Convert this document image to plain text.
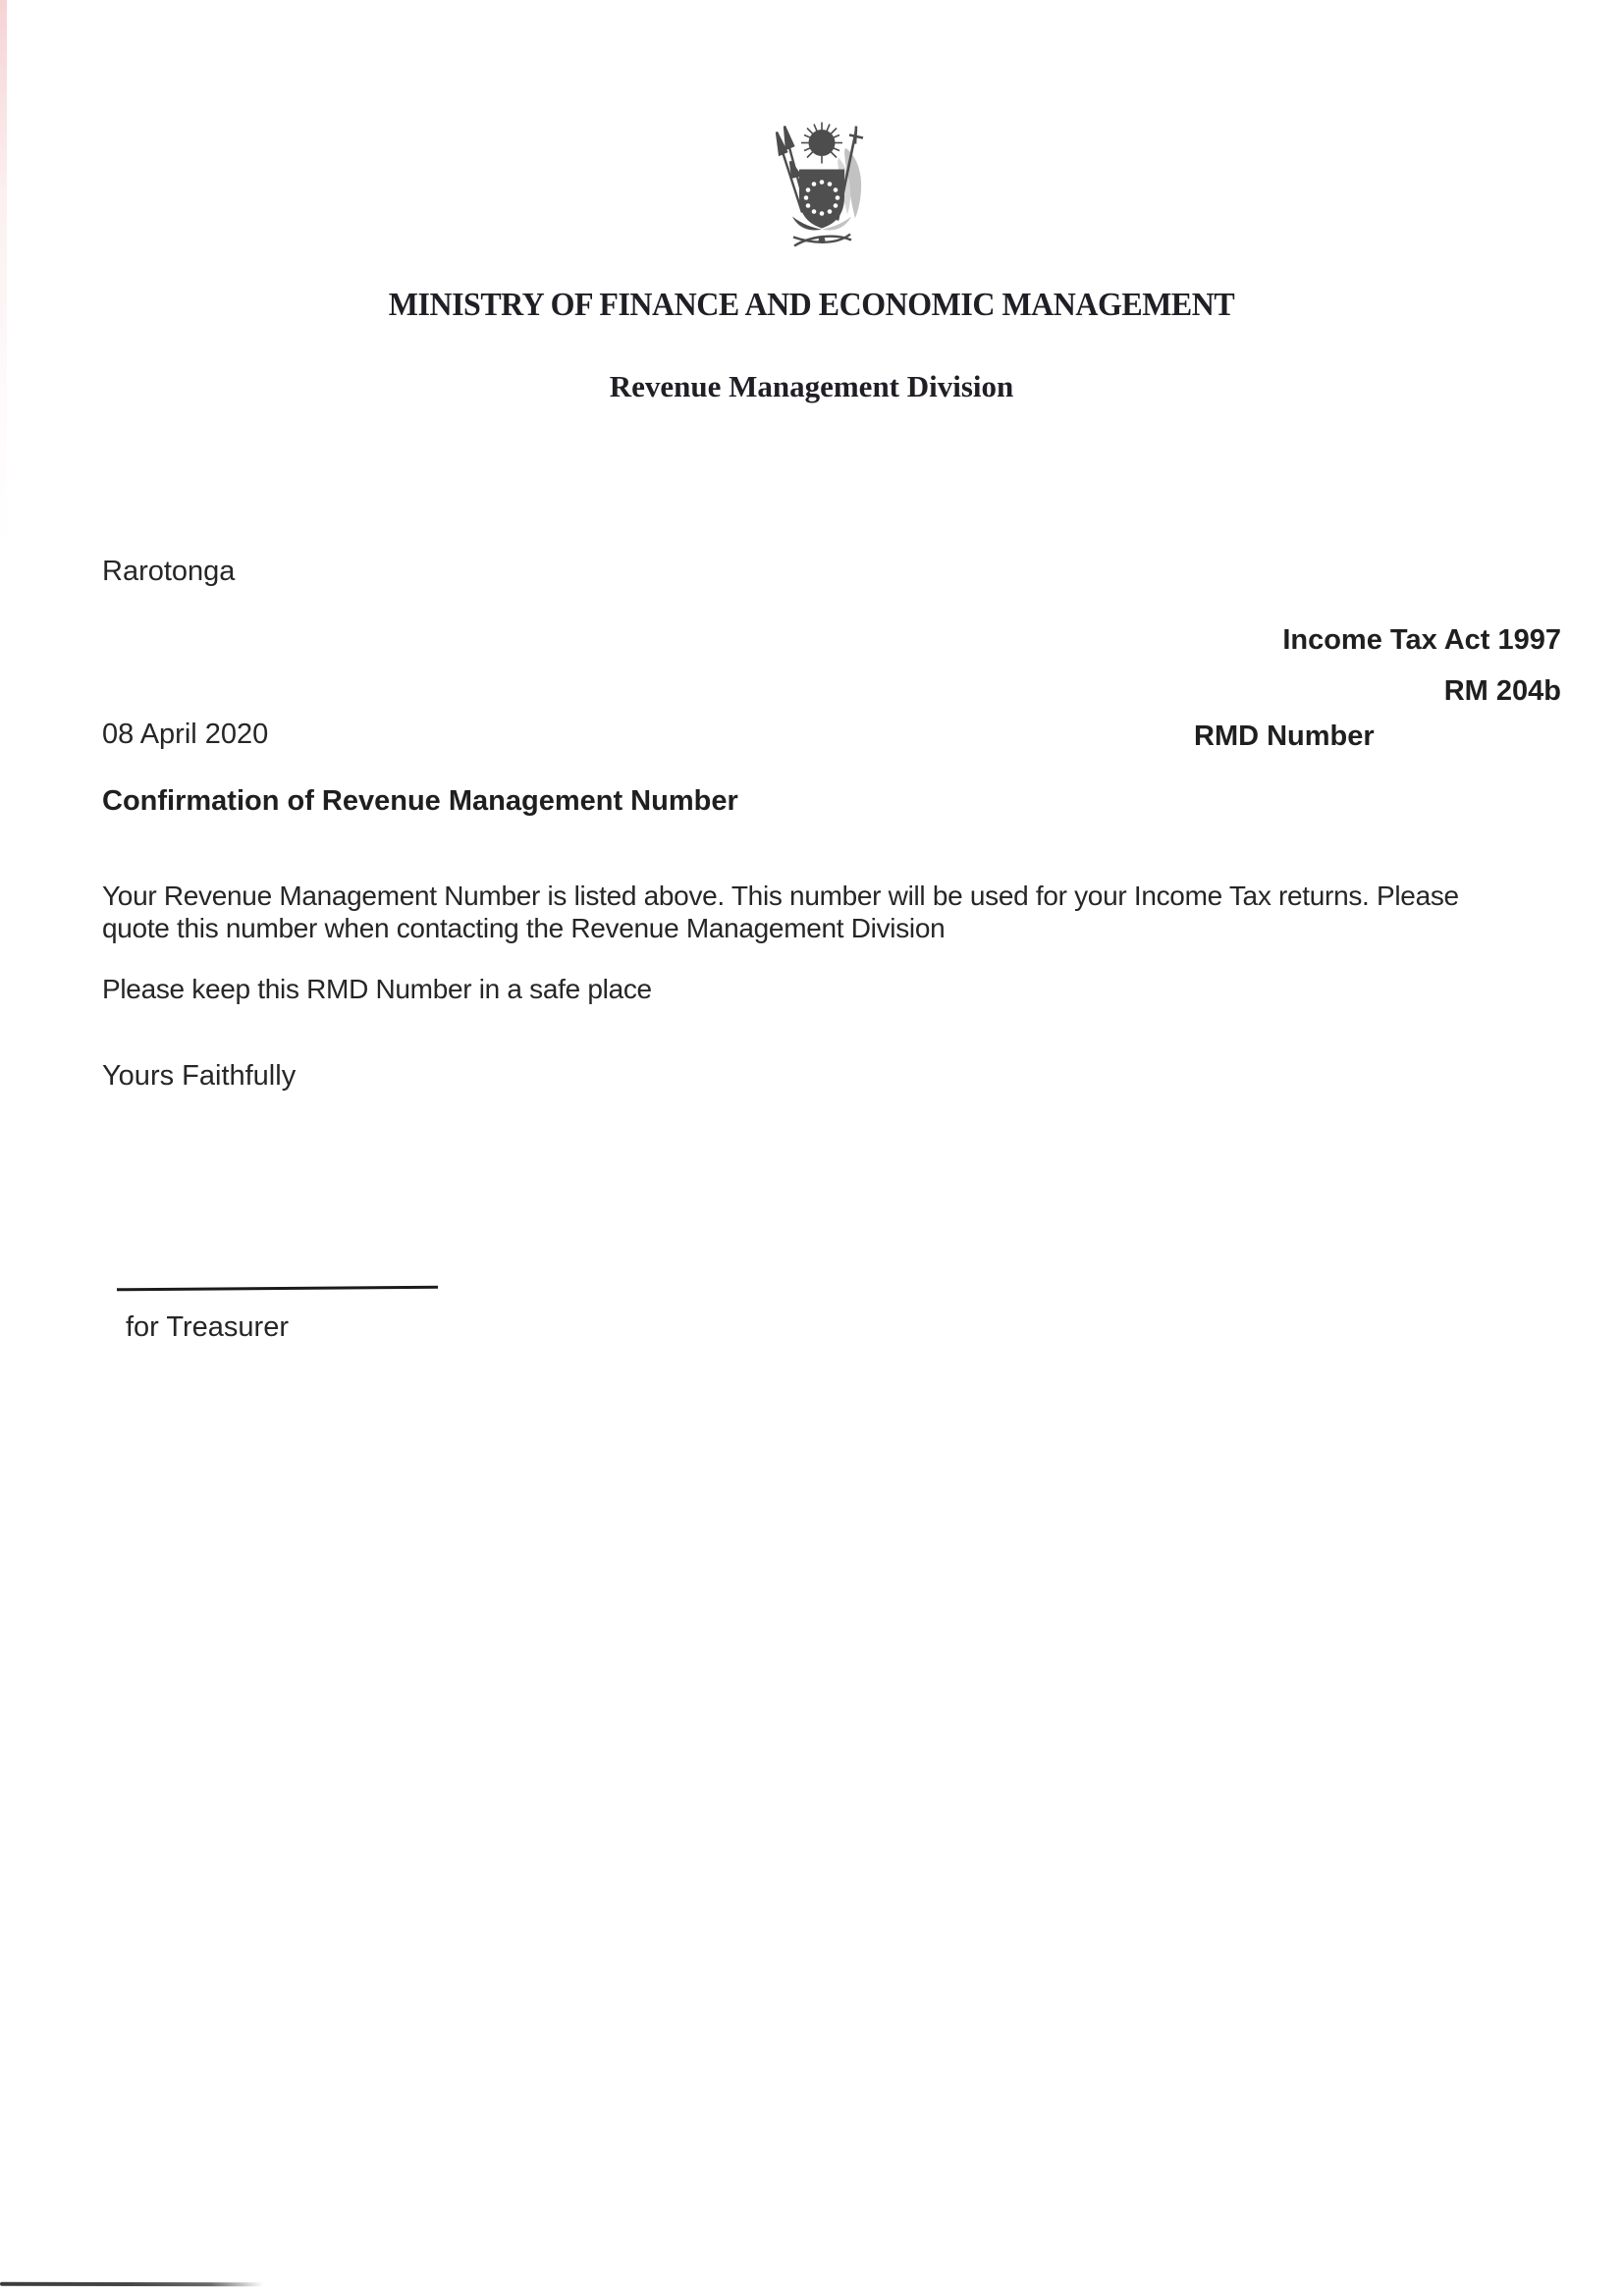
MINISTRY OF FINANCE AND ECONOMIC MANAGEMENT
Revenue Management Division
Rarotonga
Income Tax Act 1997
RM 204b
08 April 2020	RMD Number
Confirmation of Revenue Management Number
Your Revenue Management Number is listed above. This number will be used for your Income Tax returns. Please
quote this number when contacting the Revenue Management Division
Please keep this RMD Number in a safe place
Yours Faithfully
for Treasurer
